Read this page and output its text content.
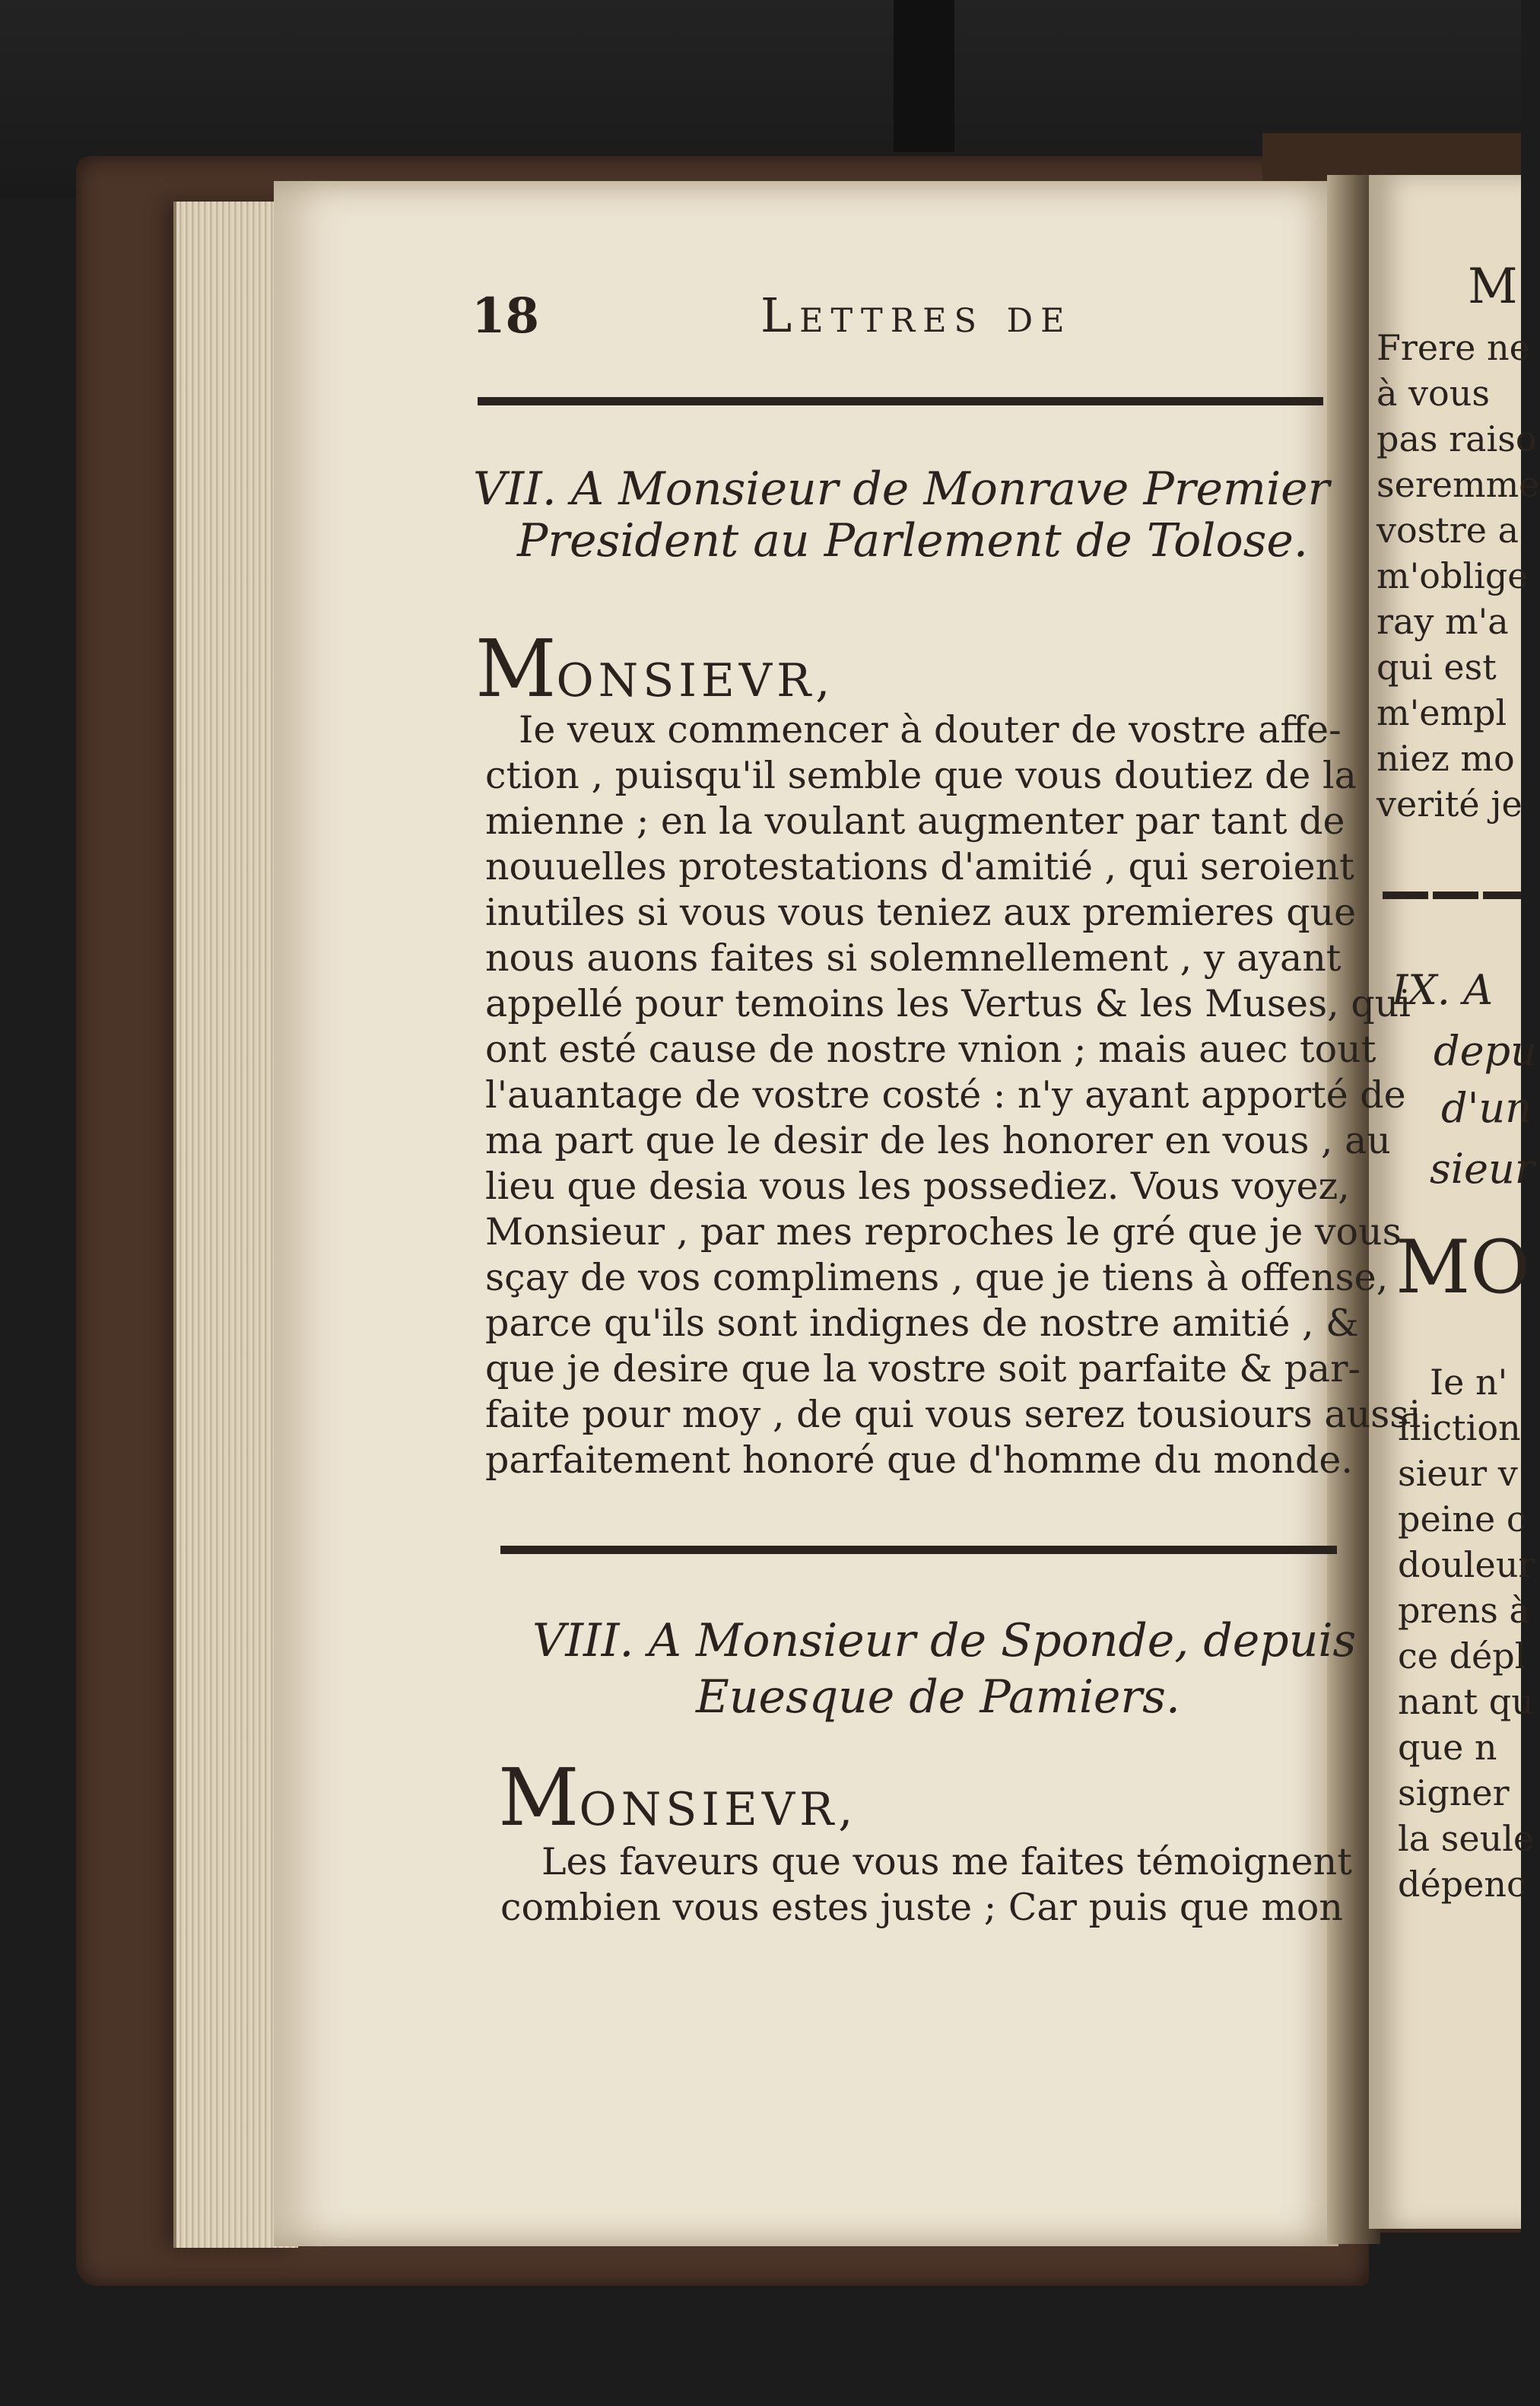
18	Lettres de
VII. A Monsieur de Monrave Premier
President au Parlement de Tolose.
MONSIEVR,
Ie veux commencer à douter de vostre affe-
ction , puisqu'il semble que vous doutiez de la
mienne ; en la voulant augmenter par tant de
nouuelles protestations d'amitié , qui seroient
inutiles si vous vous teniez aux premieres que
nous auons faites si solemnellement , y ayant
appellé pour temoins les Vertus & les Muses, qui
ont esté cause de nostre vnion ; mais auec tout
l'auantage de vostre costé : n'y ayant apporté de
ma part que le desir de les honorer en vous , au
lieu que desia vous les possediez. Vous voyez,
Monsieur , par mes reproches le gré que je vous
sçay de vos complimens , que je tiens à offense,
parce qu'ils sont indignes de nostre amitié , &
que je desire que la vostre soit parfaite & par-
faite pour moy , de qui vous serez tousiours aussi
parfaitement honoré que d'homme du monde.
VIII. A Monsieur de Sponde, depuis
Euesque de Pamiers.
MONSIEVR,
Les faveurs que vous me faites témoignent
combien vous estes juste ; Car puis que mon
M
Frere ne
à vous
pas raiso
seremme
vostre a
m'oblige
ray m'a
qui est
m'empl
niez mo
verité je
IX. A
depu
d'un
sieur
MO
Ie n'
fliction
sieur v
peine c
douleur
prens à
ce dépl
nant qu
que n
signer
la seule
dépenc
